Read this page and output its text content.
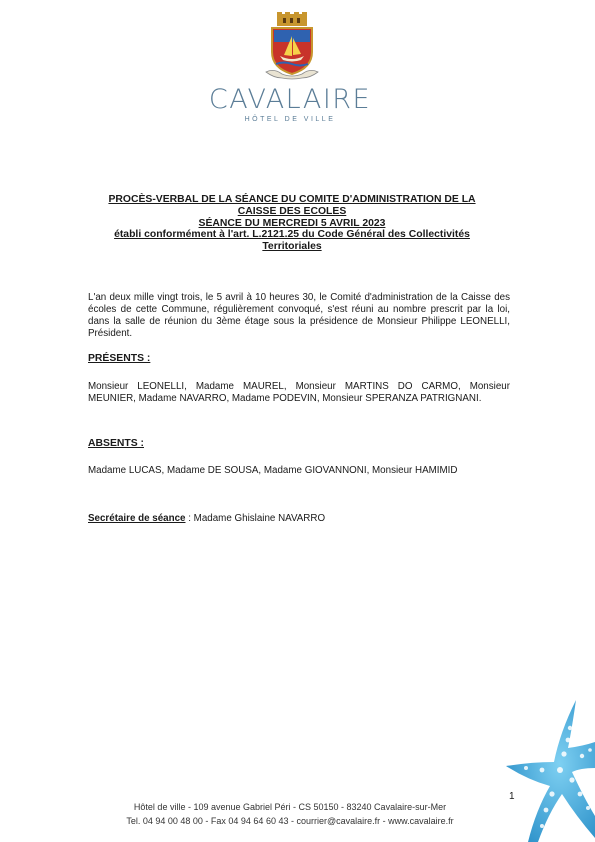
CAVALAIRE
HÔTEL DE VILLE
PROCÈS-VERBAL DE LA SÉANCE DU COMITE D'ADMINISTRATION DE LA
CAISSE DES ECOLES
SÉANCE DU MERCREDI 5 AVRIL 2023
établi conformément à l'art. L.2121.25 du Code Général des Collectivités
Territoriales
L'an deux mille vingt trois, le 5 avril à 10 heures 30, le Comité d'administration de la Caisse des écoles de cette Commune, régulièrement convoqué, s'est réuni au nombre prescrit par la loi, dans la salle de réunion du 3ème étage sous la présidence de Monsieur Philippe LEONELLI, Président.
PRÉSENTS :
Monsieur LEONELLI, Madame MAUREL, Monsieur MARTINS DO CARMO, Monsieur MEUNIER, Madame NAVARRO, Madame PODEVIN, Monsieur SPERANZA PATRIGNANI.
ABSENTS :
Madame LUCAS, Madame DE SOUSA, Madame GIOVANNONI, Monsieur HAMIMID
Secrétaire de séance : Madame Ghislaine NAVARRO
1
Hôtel de ville - 109 avenue Gabriel Péri - CS 50150 - 83240 Cavalaire-sur-Mer
Tel. 04 94 00 48 00 - Fax 04 94 64 60 43 - courrier@cavalaire.fr - www.cavalaire.fr
